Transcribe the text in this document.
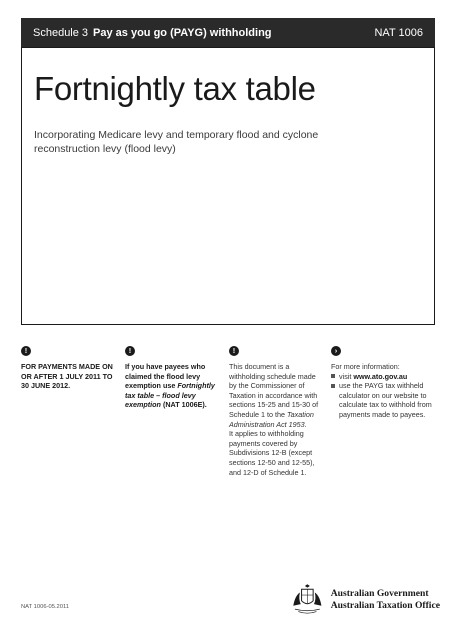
Schedule 3 Pay as you go (PAYG) withholding	NAT 1006
Fortnightly tax table

Incorporating Medicare levy and temporary flood and cyclone reconstruction levy (flood levy)

!

FOR PAYMENTS MADE ON OR AFTER 1 JULY 2011 TO 30 JUNE 2012.

!

If you have payees who claimed the flood levy exemption use Fortnightly tax table – flood levy exemption (NAT 1006E).

!

This document is a withholding schedule made by the Commissioner of Taxation in accordance with sections 15-25 and 15-30 of Schedule 1 to the Taxation Administration Act 1953.
It applies to withholding payments covered by Subdivisions 12-B (except sections 12-50 and 12-55), and 12-D of Schedule 1.

›

For more information:

visit www.ato.gov.au
use the PAYG tax withheld calculator on our website to calculate tax to withhold from payments made to payees.
NAT 1006-05.2011
Australian Government
Australian Taxation Office
